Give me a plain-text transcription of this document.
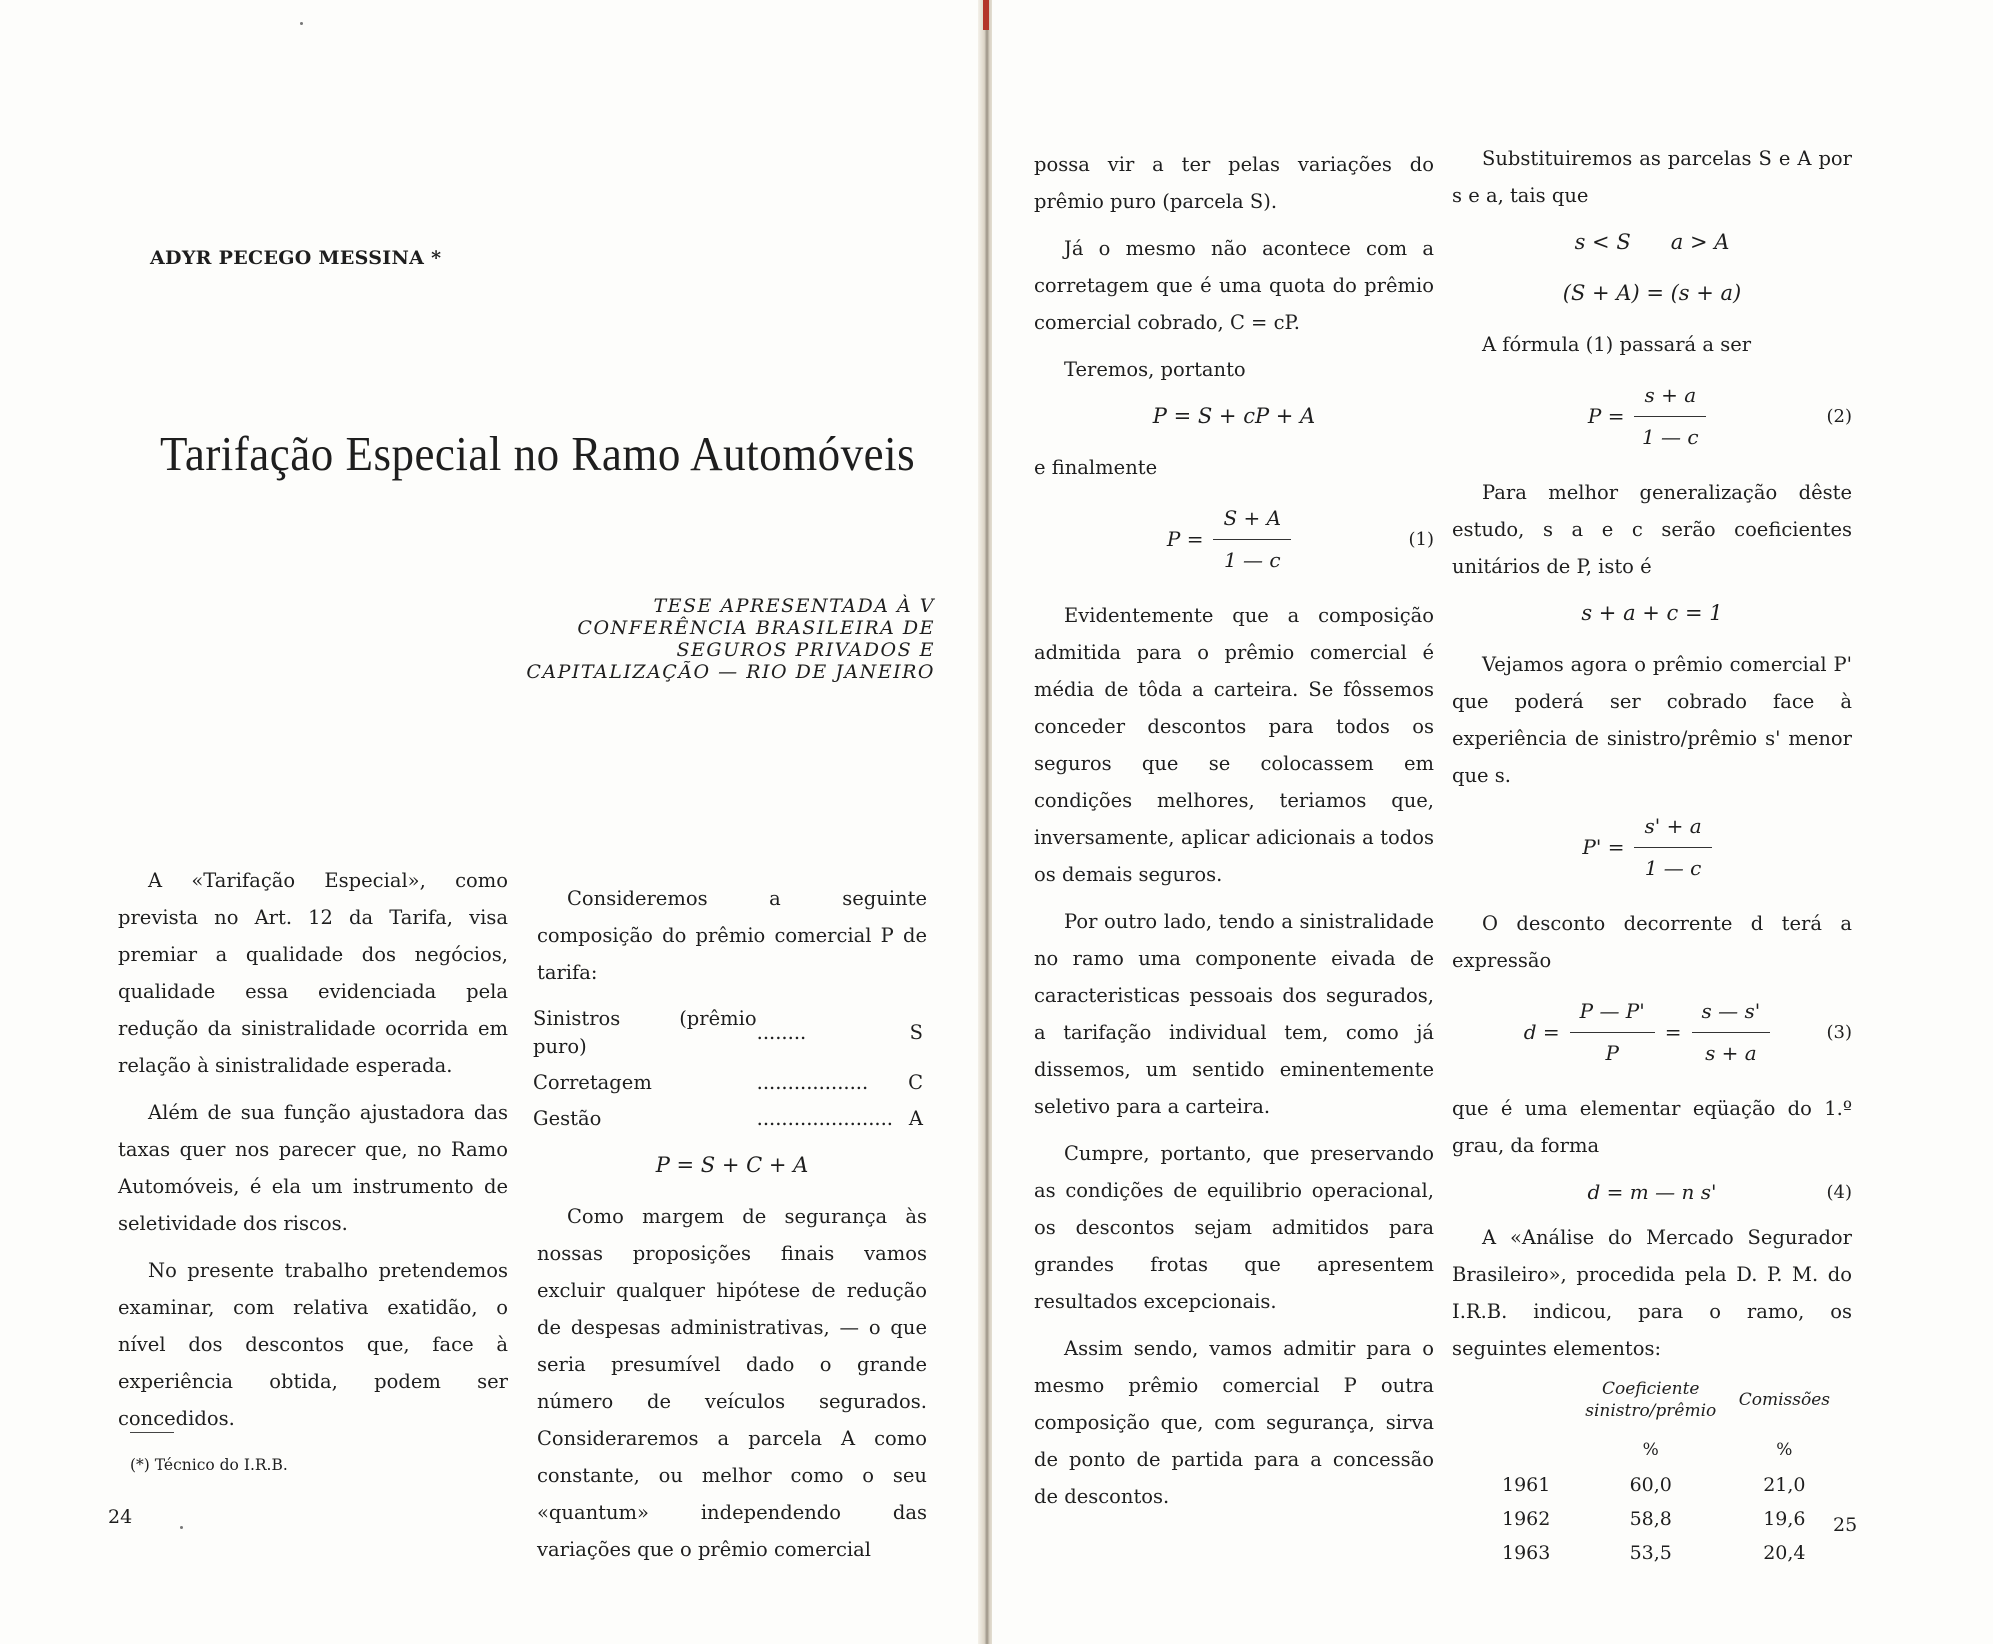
ADYR PECEGO MESSINA *
Tarifação Especial no Ramo Automóveis
TESE APRESENTADA À V CONFERÊNCIA BRASILEIRA DE SEGUROS PRIVADOS E CAPITALIZAÇÃO — RIO DE JANEIRO

A «Tarifação Especial», como prevista no Art. 12 da Tarifa, visa premiar a qualidade dos negócios, qualidade essa evidenciada pela redução da sinistralidade ocorrida em relação à sinistralidade esperada.

Além de sua função ajustadora das taxas quer nos parecer que, no Ramo Automóveis, é ela um instrumento de seletividade dos riscos.

No presente trabalho pretendemos examinar, com relativa exatidão, o nível dos descontos que, face à experiência obtida, podem ser concedidos.

Consideremos a seguinte composição do prêmio comercial P de tarifa:

Sinistros (prêmio puro)	........	S
Corretagem	..................	C
Gestão	......................	A
P = S + C + A

Como margem de segurança às nossas proposições finais vamos excluir qualquer hipótese de redução de despesas administrativas, — o que seria presumível dado o grande número de veículos segurados. Consideraremos a parcela A como constante, ou melhor como o seu «quantum» independendo das variações que o prêmio comercial

(*) Técnico do I.R.B.
24

possa vir a ter pelas variações do prêmio puro (parcela S).

Já o mesmo não acontece com a corretagem que é uma quota do prêmio comercial cobrado, C = cP.

Teremos, portanto

P = S + cP + A

e finalmente

$P = \frac{S + A}{1 — c}$	(1)

Evidentemente que a composição admitida para o prêmio comercial é média de tôda a carteira. Se fôssemos conceder descontos para todos os seguros que se colocassem em condições melhores, teriamos que, inversamente, aplicar adicionais a todos os demais seguros.

Por outro lado, tendo a sinistralidade no ramo uma componente eivada de caracteristicas pessoais dos segurados, a tarifação individual tem, como já dissemos, um sentido eminentemente seletivo para a carteira.

Cumpre, portanto, que preservando as condições de equilibrio operacional, os descontos sejam admitidos para grandes frotas que apresentem resultados excepcionais.

Assim sendo, vamos admitir para o mesmo prêmio comercial P outra composição que, com segurança, sirva de ponto de partida para a concessão de descontos.

Substituiremos as parcelas S e A por s e a, tais que

s < S      a > A
(S + A) = (s + a)

A fórmula (1) passará a ser

$P = \frac{s + a}{1 — c}$	(2)

Para melhor generalização dêste estudo, s a e c serão coeficientes unitários de P, isto é

s + a + c = 1

Vejamos agora o prêmio comercial P' que poderá ser cobrado face à experiência de sinistro/prêmio s' menor que s.

$P' = \frac{s' + a}{1 — c}$

O desconto decorrente d terá a expressão

$d = \frac{P — P'}{P} = \frac{s — s'}{s + a}$	(3)

que é uma elementar eqüação do 1.º grau, da forma

d = m — n s'	(4)

A «Análise do Mercado Segurador Brasileiro», procedida pela D. P. M. do I.R.B. indicou, para o ramo, os seguintes elementos:

	Coeficiente sinistro/prêmio	Comissões
	%	%
1961	60,0	21,0
1962	58,8	19,6
1963	53,5	20,4
25
